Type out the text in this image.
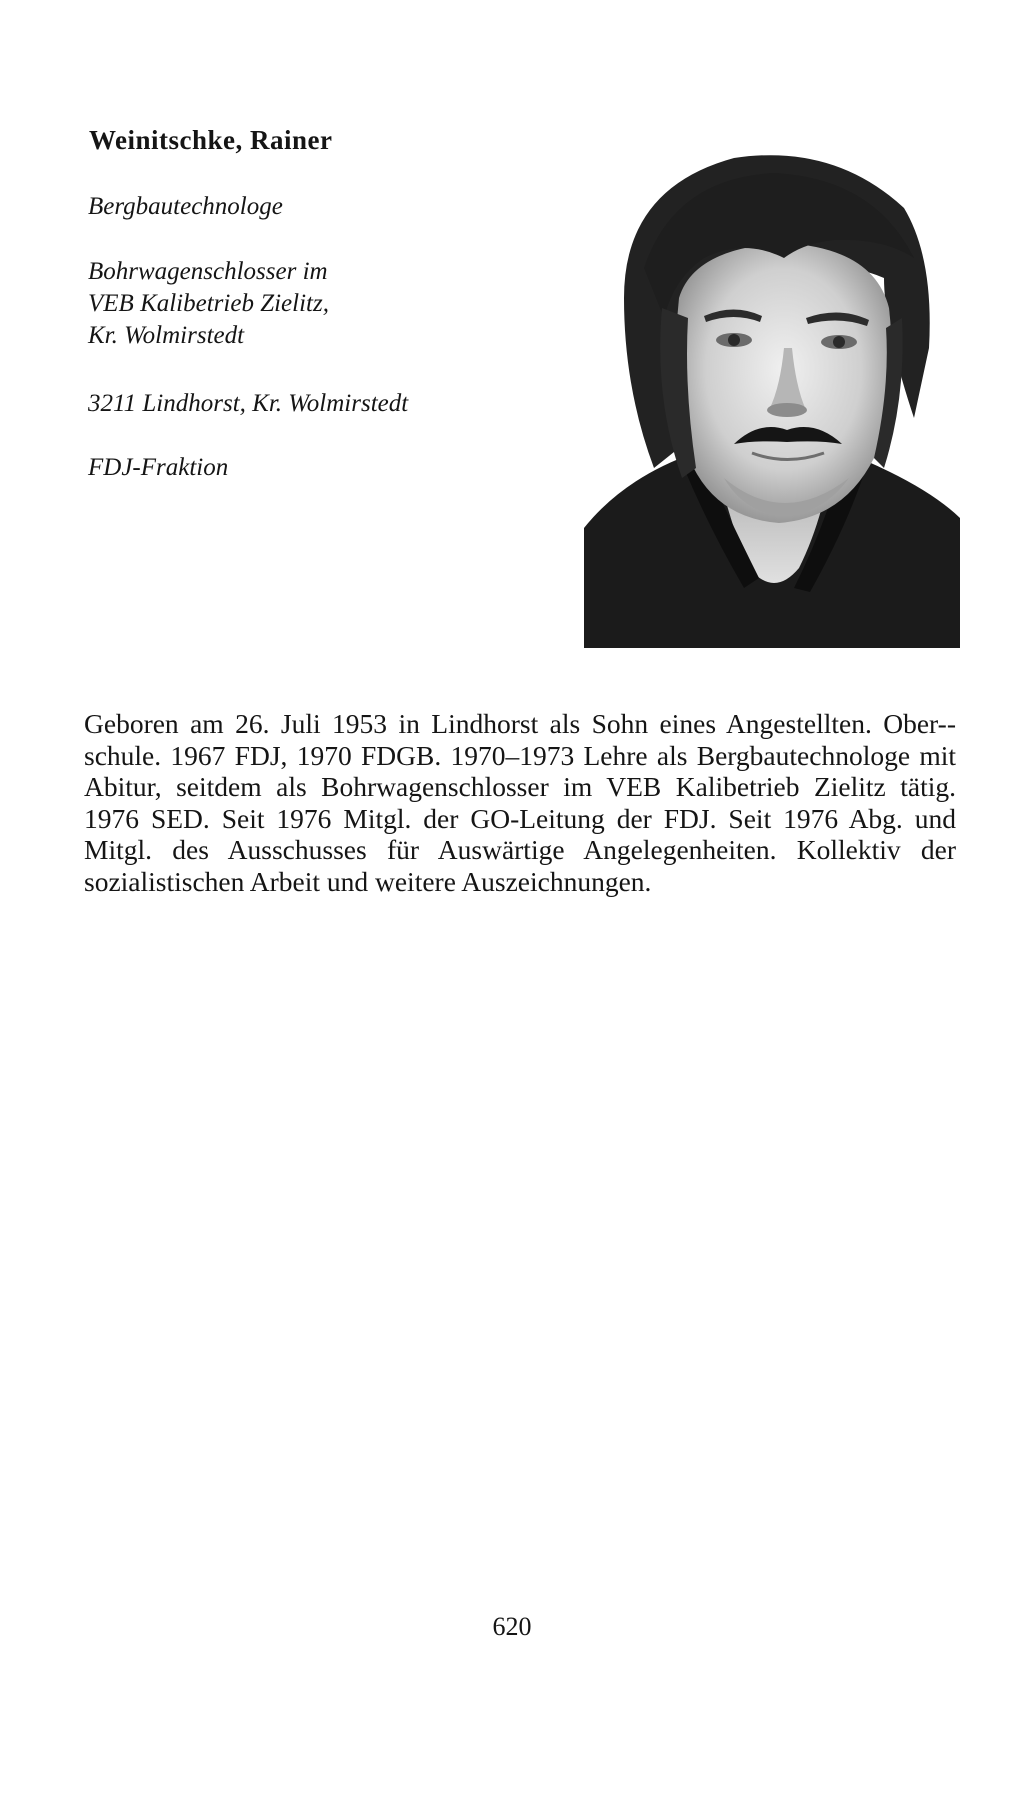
Weinitschke, Rainer
Bergbautechnologe
Bohrwagenschlosser im
VEB Kalibetrieb Zielitz,
Kr. Wolmirstedt
3211 Lindhorst, Kr. Wolmirstedt
FDJ-Fraktion
Geboren am 26. Juli 1953 in Lindhorst als Sohn eines Angestellten. Ober-schule. 1967 FDJ, 1970 FDGB. 1970–1973 Lehre als Bergbautechnologe mit Abitur, seitdem als Bohrwagenschlosser im VEB Kalibetrieb Zielitz tätig. 1976 SED. Seit 1976 Mitgl. der GO-Leitung der FDJ. Seit 1976 Abg. und Mitgl. des Ausschusses für Auswärtige Angelegenheiten. Kollektiv der sozialistischen Arbeit und weitere Auszeichnungen.
620
